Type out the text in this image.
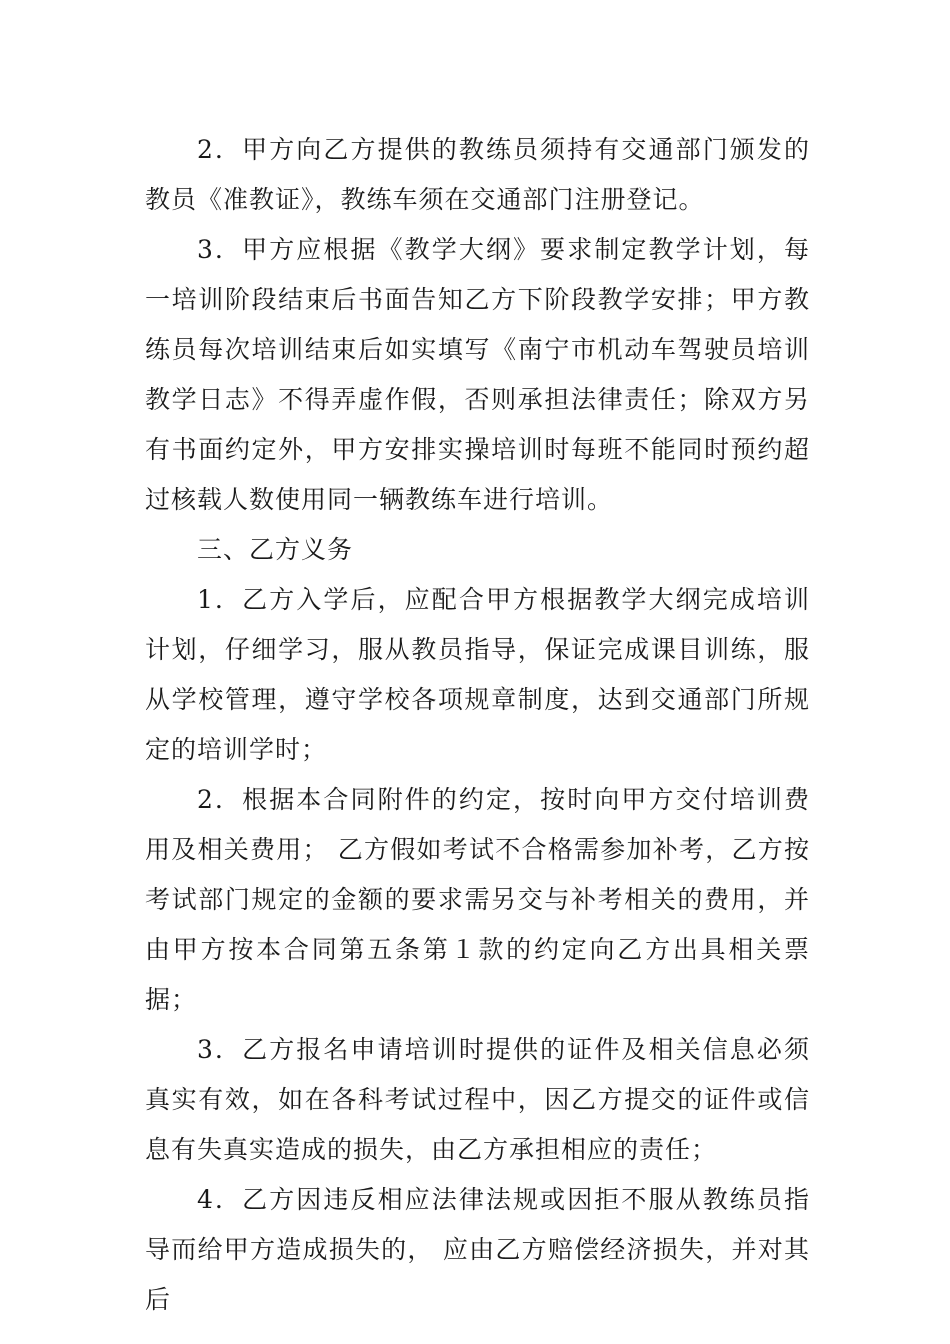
2．甲方向乙方提供的教练员须持有交通部门颁发的教员《准教证》，教练车须在交通部门注册登记。

3．甲方应根据《教学大纲》要求制定教学计划，每一培训阶段结束后书面告知乙方下阶段教学安排；甲方教练员每次培训结束后如实填写《南宁市机动车驾驶员培训教学日志》不得弄虚作假，否则承担法律责任；除双方另有书面约定外，甲方安排实操培训时每班不能同时预约超过核载人数使用同一辆教练车进行培训。

三、乙方义务

1．乙方入学后，应配合甲方根据教学大纲完成培训计划，仔细学习，服从教员指导，保证完成课目训练，服从学校管理，遵守学校各项规章制度，达到交通部门所规定的培训学时；

2．根据本合同附件的约定，按时向甲方交付培训费用及相关费用； 乙方假如考试不合格需参加补考，乙方按考试部门规定的金额的要求需另交与补考相关的费用，并由甲方按本合同第五条第１款的约定向乙方出具相关票据；

3．乙方报名申请培训时提供的证件及相关信息必须真实有效，如在各科考试过程中，因乙方提交的证件或信息有失真实造成的损失，由乙方承担相应的责任；

4．乙方因违反相应法律法规或因拒不服从教练员指导而给甲方造成损失的， 应由乙方赔偿经济损失，并对其后
